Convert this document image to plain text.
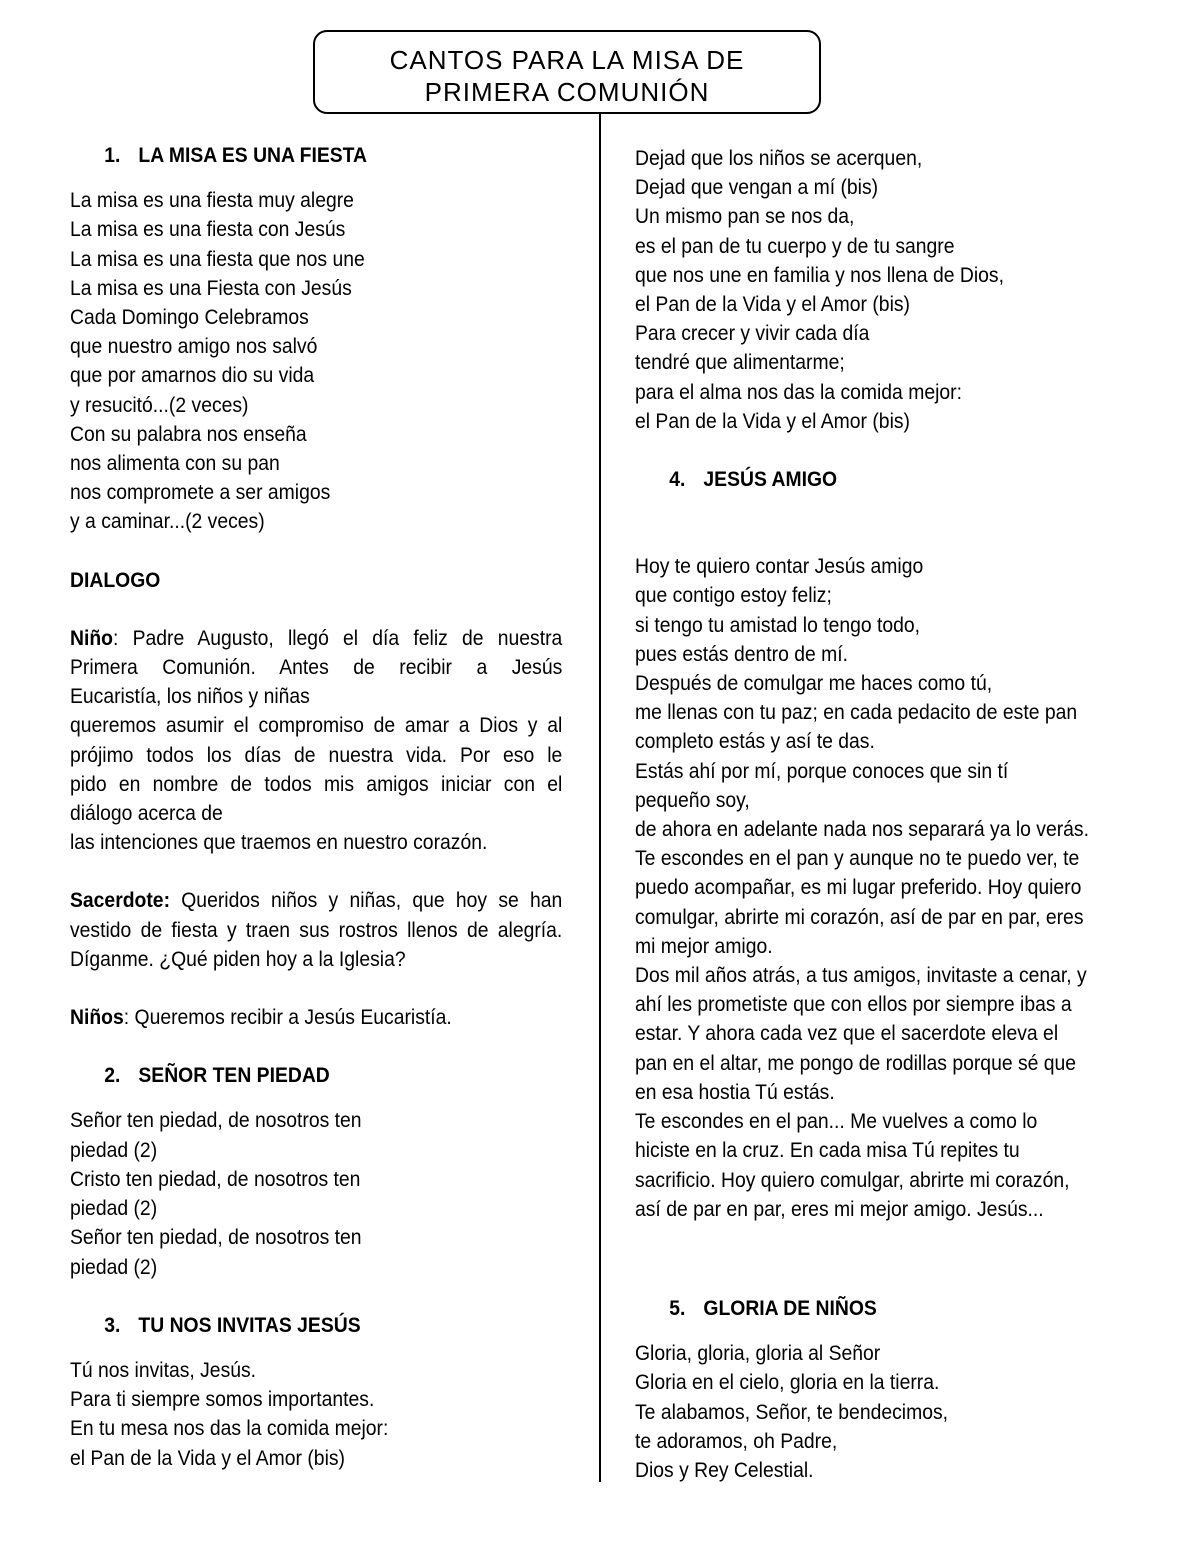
CANTOS PARA LA MISA DE
PRIMERA COMUNIÓN
1. LA MISA ES UNA FIESTA
La misa es una fiesta muy alegre
La misa es una fiesta con Jesús
La misa es una fiesta que nos une
La misa es una Fiesta con Jesús
Cada Domingo Celebramos
que nuestro amigo nos salvó
que por amarnos dio su vida
y resucitó...(2 veces)
Con su palabra nos enseña
nos alimenta con su pan
nos compromete a ser amigos
y a caminar...(2 veces)
DIALOGO
Niño: Padre Augusto, llegó el día feliz de nuestra
Primera Comunión. Antes de recibir a Jesús
Eucaristía, los niños y niñas
queremos asumir el compromiso de amar a Dios y al
prójimo todos los días de nuestra vida. Por eso le
pido en nombre de todos mis amigos iniciar con el
diálogo acerca de
las intenciones que traemos en nuestro corazón.
Sacerdote: Queridos niños y niñas, que hoy se han
vestido de fiesta y traen sus rostros llenos de alegría.
Díganme. ¿Qué piden hoy a la Iglesia?
Niños: Queremos recibir a Jesús Eucaristía.
2. SEÑOR TEN PIEDAD
Señor ten piedad, de nosotros ten
piedad (2)
Cristo ten piedad, de nosotros ten
piedad (2)
Señor ten piedad, de nosotros ten
piedad (2)
3. TU NOS INVITAS JESÚS
Tú nos invitas, Jesús.
Para ti siempre somos importantes.
En tu mesa nos das la comida mejor:
el Pan de la Vida y el Amor (bis)
Dejad que los niños se acerquen,
Dejad que vengan a mí (bis)
Un mismo pan se nos da,
es el pan de tu cuerpo y de tu sangre
que nos une en familia y nos llena de Dios,
el Pan de la Vida y el Amor (bis)
Para crecer y vivir cada día
tendré que alimentarme;
para el alma nos das la comida mejor:
el Pan de la Vida y el Amor (bis)
4. JESÚS AMIGO
Hoy te quiero contar Jesús amigo
que contigo estoy feliz;
si tengo tu amistad lo tengo todo,
pues estás dentro de mí.
Después de comulgar me haces como tú,
me llenas con tu paz; en cada pedacito de este pan
completo estás y así te das.
Estás ahí por mí, porque conoces que sin tí
pequeño soy,
de ahora en adelante nada nos separará ya lo verás.
Te escondes en el pan y aunque no te puedo ver, te
puedo acompañar, es mi lugar preferido. Hoy quiero
comulgar, abrirte mi corazón, así de par en par, eres
mi mejor amigo.
Dos mil años atrás, a tus amigos, invitaste a cenar, y
ahí les prometiste que con ellos por siempre ibas a
estar. Y ahora cada vez que el sacerdote eleva el
pan en el altar, me pongo de rodillas porque sé que
en esa hostia Tú estás.
Te escondes en el pan... Me vuelves a como lo
hiciste en la cruz. En cada misa Tú repites tu
sacrificio. Hoy quiero comulgar, abrirte mi corazón,
así de par en par, eres mi mejor amigo. Jesús...
5. GLORIA DE NIÑOS
Gloria, gloria, gloria al Señor
Gloria en el cielo, gloria en la tierra.
Te alabamos, Señor, te bendecimos,
te adoramos, oh Padre,
Dios y Rey Celestial.
